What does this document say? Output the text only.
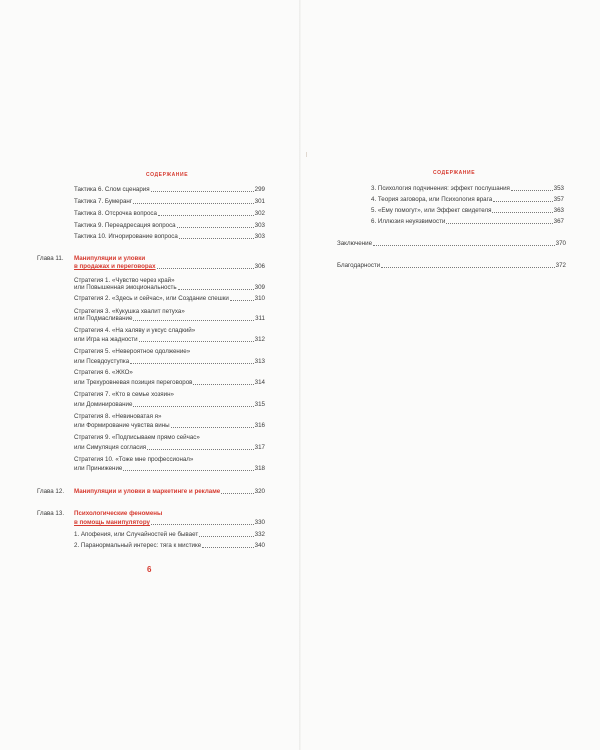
СОДЕРЖАНИЕ
Тактика 6. Слом сценария	299
Тактика 7. Бумеранг	301
Тактика 8. Отсрочка вопроса	302
Тактика 9. Переадресация вопроса	303
Тактика 10. Игнорирование вопроса	303
Глава 11. Манипуляции и уловки
в продажах и переговорах	306
Стратегия 1. «Чувство через край»
или Повышенная эмоциональность	309
Стратегия 2. «Здесь и сейчас», или Создание спешки	310
Стратегия 3. «Кукушка хвалит петуха»
или Подмасливание	311
Стратегия 4. «На халяву и уксус сладкий»
или Игра на жадности	312
Стратегия 5. «Невероятное одолжение»
или Псевдоуступка	313
Стратегия 6. «ЖКО»
или Трехуровневая позиция переговоров	314
Стратегия 7. «Кто в семье хозяин»
или Доминирование	315
Стратегия 8. «Невиноватая я»
или Формирование чувства вины	316
Стратегия 9. «Подписываем прямо сейчас»
или Симуляция согласия	317
Стратегия 10. «Тоже мне профессионал»
или Принижение	318
Глава 12. Манипуляции и уловки в маркетинге и рекламе	320
Глава 13. Психологические феномены
в помощь манипулятору	330
1. Апофения, или Случайностей не бывает	332
2. Паранормальный интерес: тяга к мистике	340
6
СОДЕРЖАНИЕ
3. Психология подчинения: эффект послушания	353
4. Теория заговора, или Психология врага	357
5. «Ему помогут», или Эффект свидетеля	363
6. Иллюзия неуязвимости	367
Заключение	370
Благодарности	372
